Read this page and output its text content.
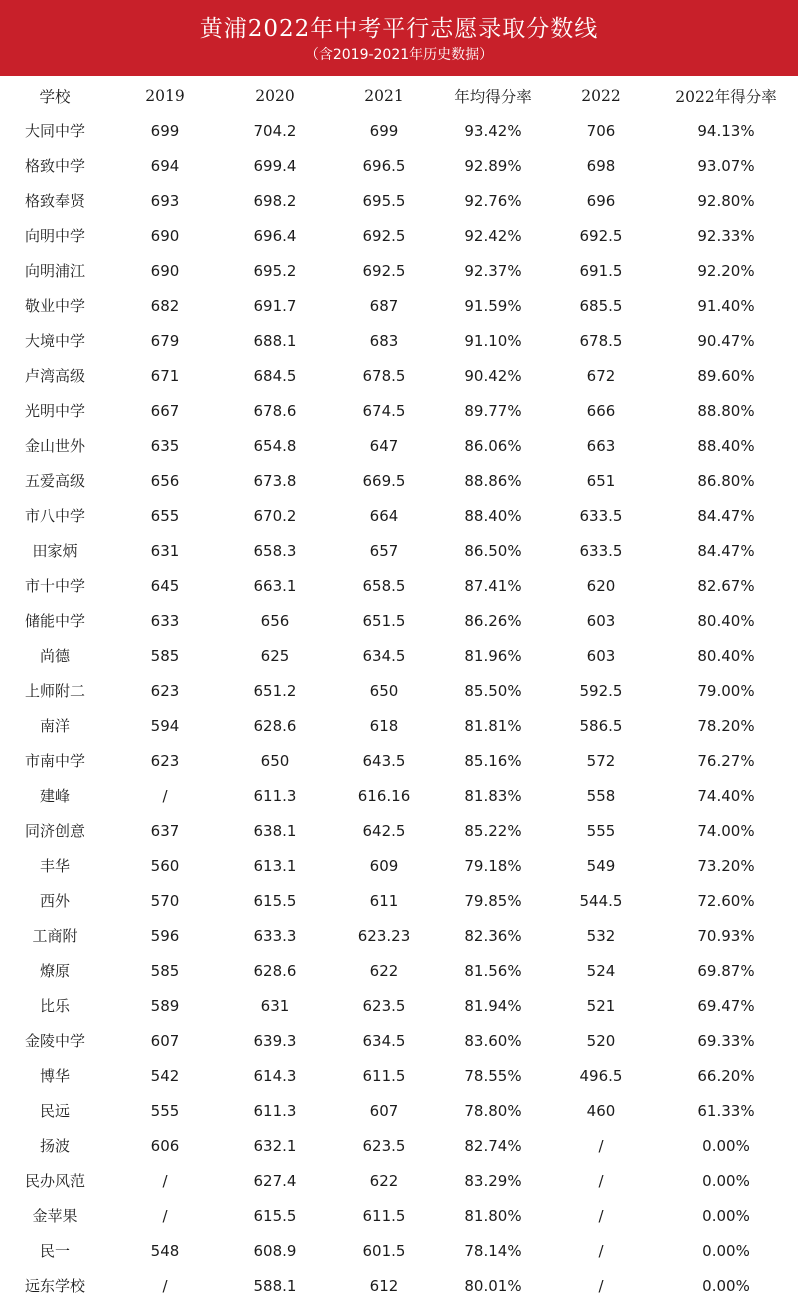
黄浦2022年中考平行志愿录取分数线
（含2019-2021年历史数据）
学校	2019	2020	2021	年均得分率	2022	2022年得分率
大同中学	699	704.2	699	93.42%	706	94.13%
格致中学	694	699.4	696.5	92.89%	698	93.07%
格致奉贤	693	698.2	695.5	92.76%	696	92.80%
向明中学	690	696.4	692.5	92.42%	692.5	92.33%
向明浦江	690	695.2	692.5	92.37%	691.5	92.20%
敬业中学	682	691.7	687	91.59%	685.5	91.40%
大境中学	679	688.1	683	91.10%	678.5	90.47%
卢湾高级	671	684.5	678.5	90.42%	672	89.60%
光明中学	667	678.6	674.5	89.77%	666	88.80%
金山世外	635	654.8	647	86.06%	663	88.40%
五爱高级	656	673.8	669.5	88.86%	651	86.80%
市八中学	655	670.2	664	88.40%	633.5	84.47%
田家炳	631	658.3	657	86.50%	633.5	84.47%
市十中学	645	663.1	658.5	87.41%	620	82.67%
储能中学	633	656	651.5	86.26%	603	80.40%
尚德	585	625	634.5	81.96%	603	80.40%
上师附二	623	651.2	650	85.50%	592.5	79.00%
南洋	594	628.6	618	81.81%	586.5	78.20%
市南中学	623	650	643.5	85.16%	572	76.27%
建峰	/	611.3	616.16	81.83%	558	74.40%
同济创意	637	638.1	642.5	85.22%	555	74.00%
丰华	560	613.1	609	79.18%	549	73.20%
西外	570	615.5	611	79.85%	544.5	72.60%
工商附	596	633.3	623.23	82.36%	532	70.93%
燎原	585	628.6	622	81.56%	524	69.87%
比乐	589	631	623.5	81.94%	521	69.47%
金陵中学	607	639.3	634.5	83.60%	520	69.33%
博华	542	614.3	611.5	78.55%	496.5	66.20%
民远	555	611.3	607	78.80%	460	61.33%
扬波	606	632.1	623.5	82.74%	/	0.00%
民办风范	/	627.4	622	83.29%	/	0.00%
金苹果	/	615.5	611.5	81.80%	/	0.00%
民一	548	608.9	601.5	78.14%	/	0.00%
远东学校	/	588.1	612	80.01%	/	0.00%
